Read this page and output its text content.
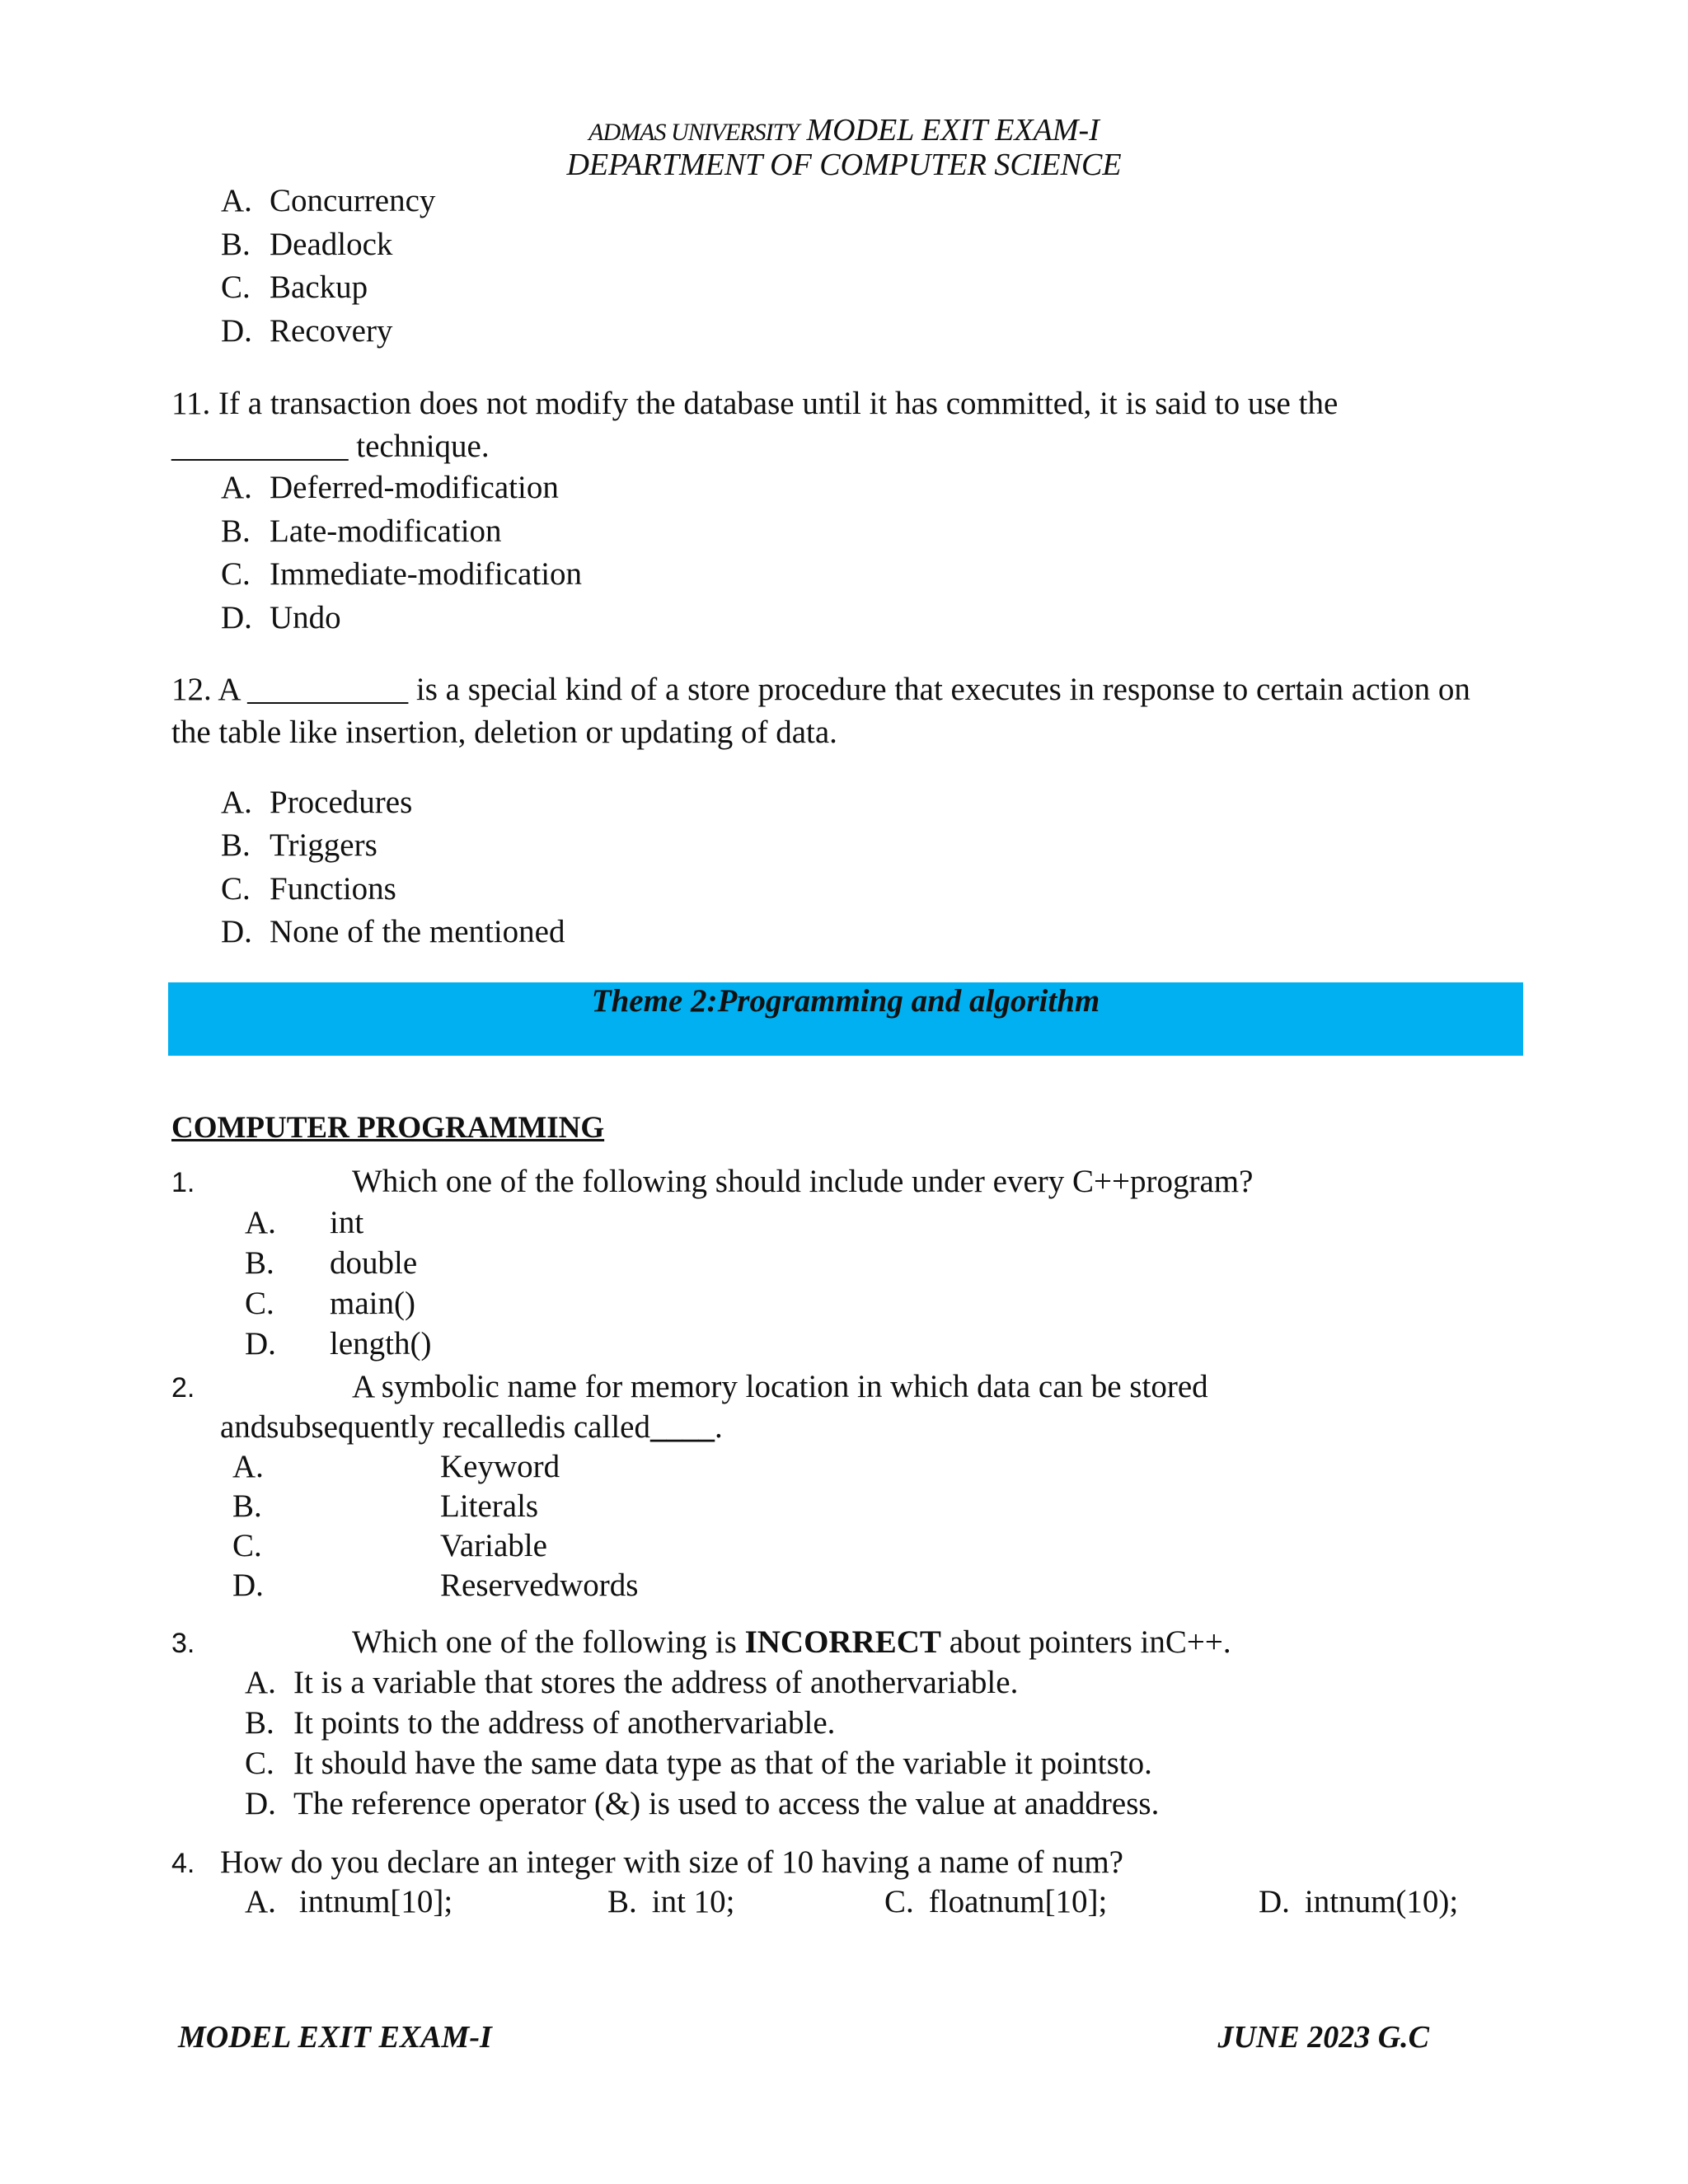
ADMAS UNIVERSITY MODEL EXIT EXAM-I
DEPARTMENT OF COMPUTER SCIENCE
A. Concurrency
B. Deadlock
C. Backup
D. Recovery
11. If a transaction does not modify the database until it has committed, it is said to use the
___________ technique.
A. Deferred-modification
B. Late-modification
C. Immediate-modification
D. Undo
12. A __________ is a special kind of a store procedure that executes in response to certain action on
the table like insertion, deletion or updating of data.
A. Procedures
B. Triggers
C. Functions
D. None of the mentioned
Theme 2:Programming and algorithm
COMPUTER PROGRAMMING
1.	Which one of the following should include under every C++program?
A. int
B. double
C. main()
D. length()
2.	A symbolic name for memory location in which data can be stored
andsubsequently recalledis called____.
A.	Keyword
B.	Literals
C.	Variable
D.	Reservedwords
3.	Which one of the following is INCORRECT about pointers inC++.
A. It is a variable that stores the address of anothervariable.
B. It points to the address of anothervariable.
C. It should have the same data type as that of the variable it pointsto.
D. The reference operator (&) is used to access the value at anaddress.
4. How do you declare an integer with size of 10 having a name of num?
A. intnum[10];	B. int 10;	C. floatnum[10];	D. intnum(10);
MODEL EXIT EXAM-I	JUNE 2023 G.C
